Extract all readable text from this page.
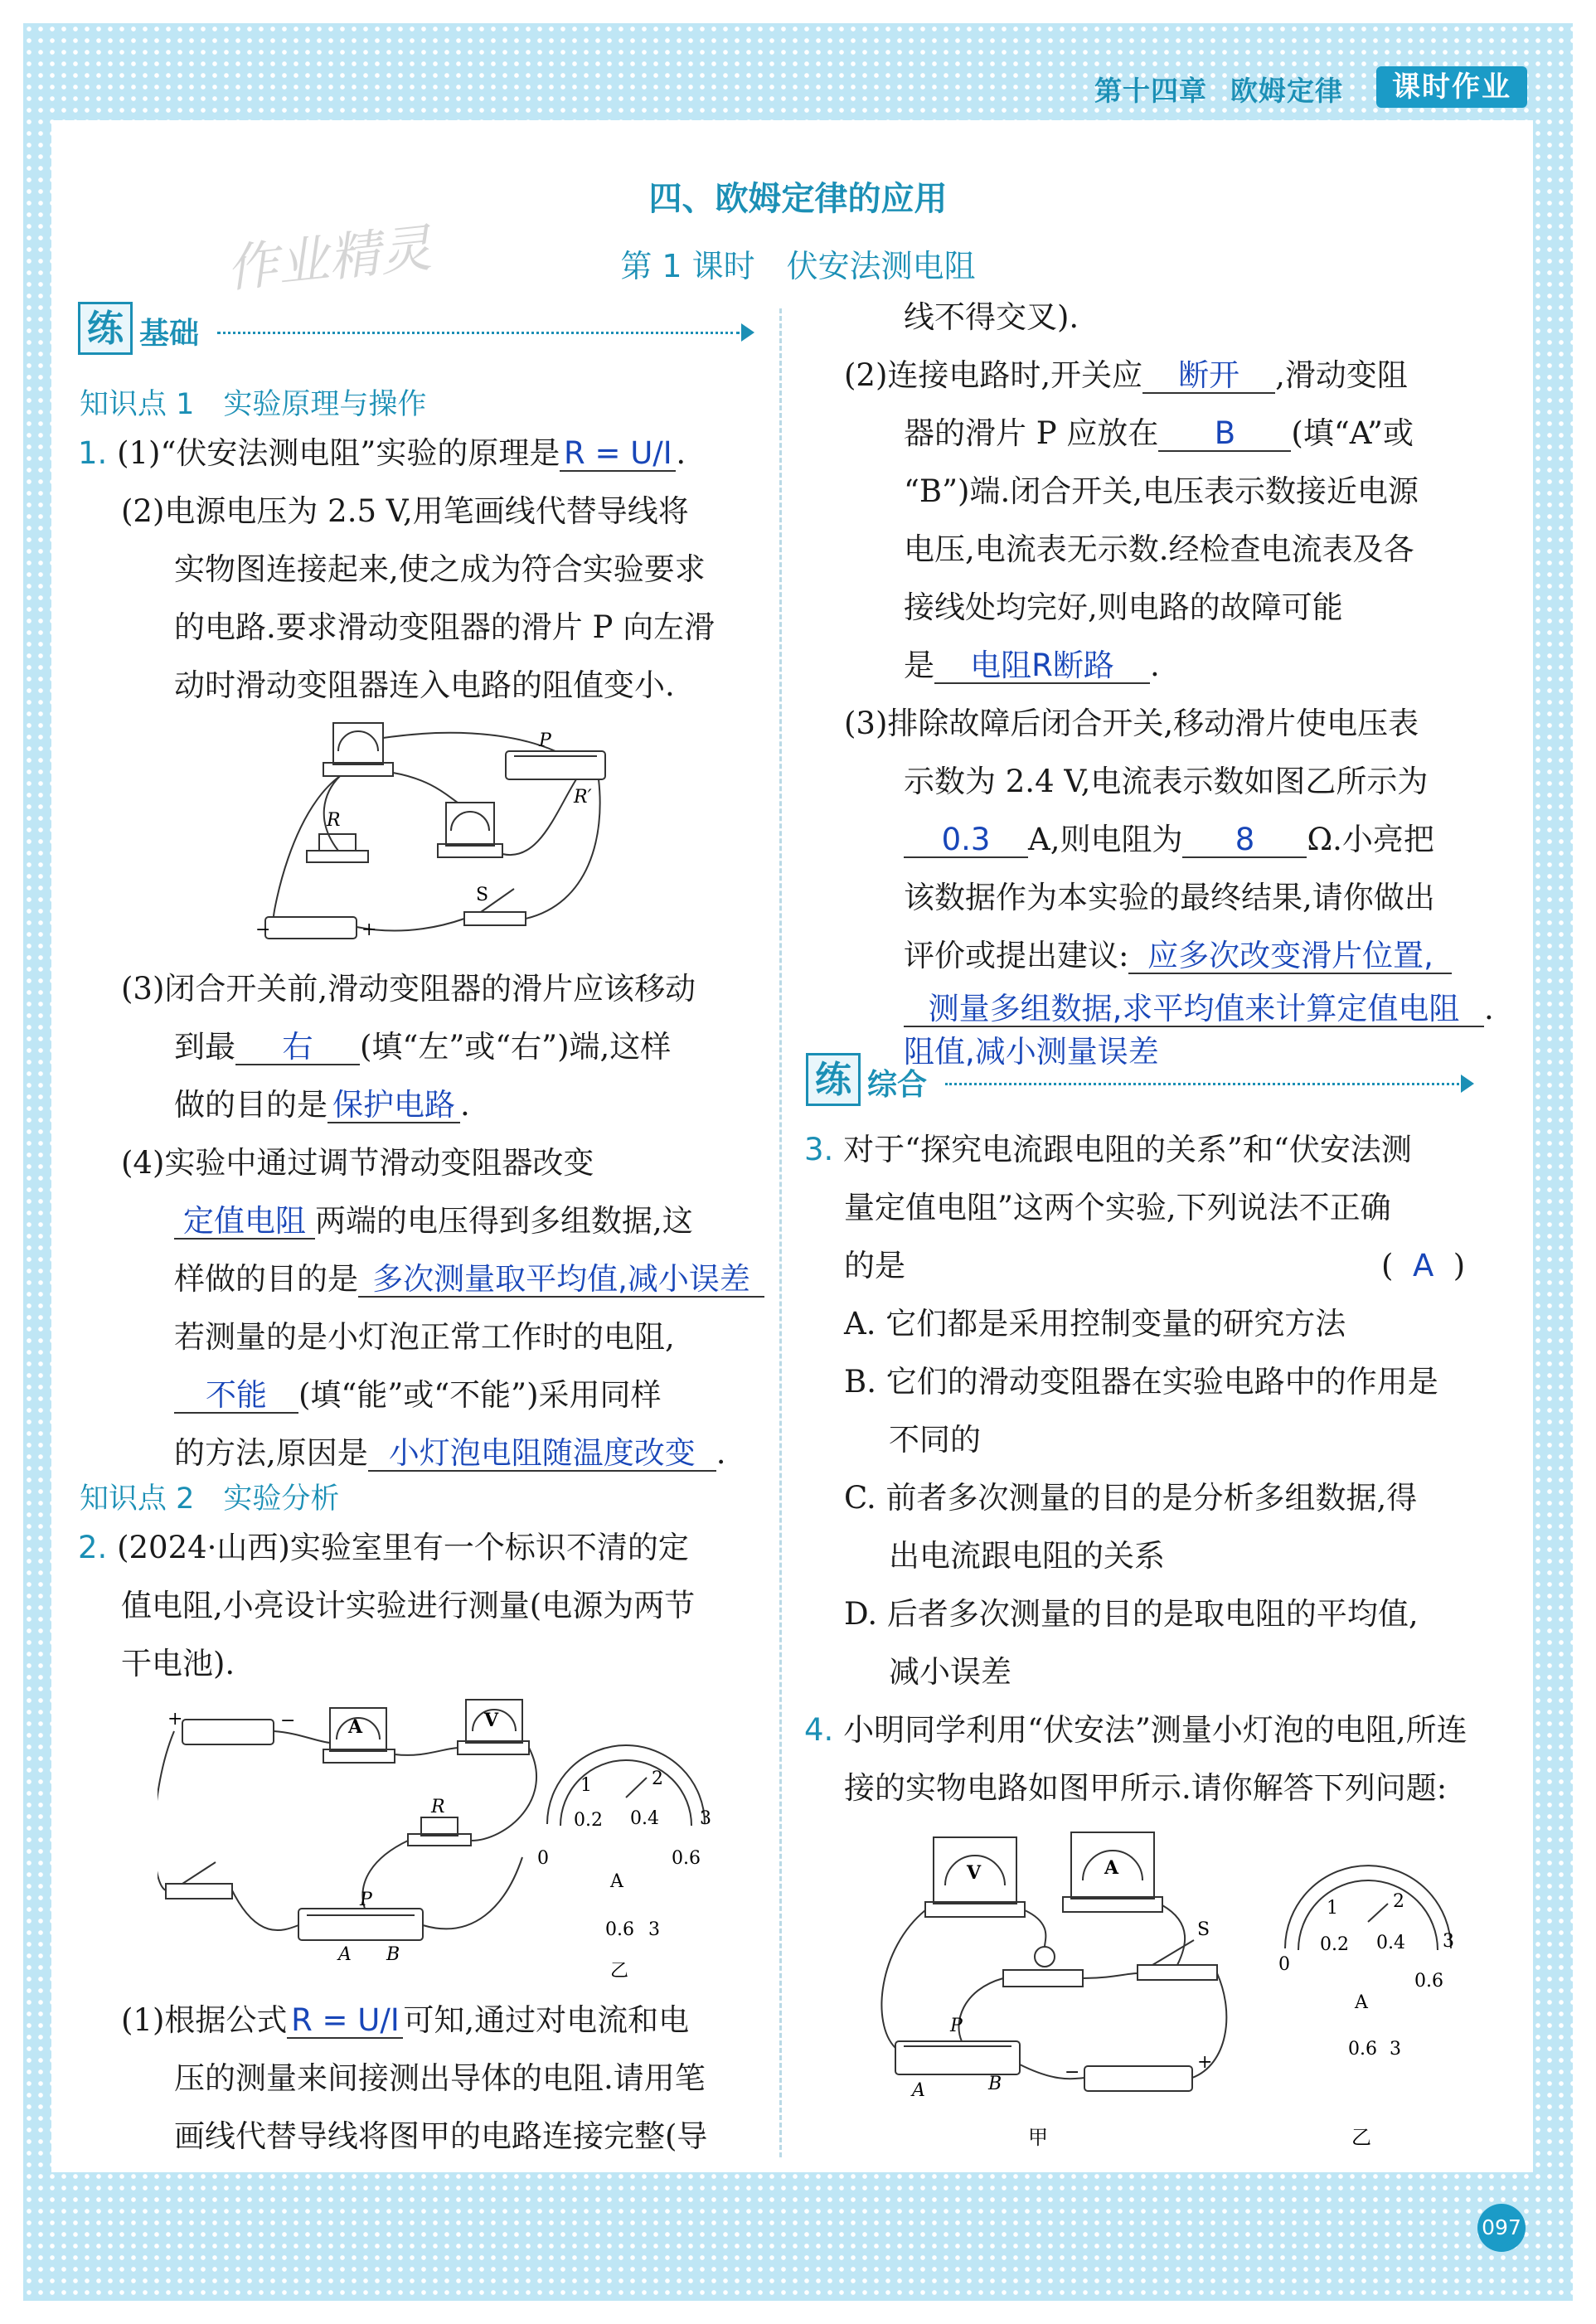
第十四章 欧姆定律	课时作业
作业精灵
四、欧姆定律的应用
第 1 课时　伏安法测电阻
练 基础
知识点 1　实验原理与操作
1. (1)“伏安法测电阻”实验的原理是 R = U/I .
(2)电源电压为 2.5 V,用笔画线代替导线将
实物图连接起来,使之成为符合实验要求
的电路.要求滑动变阻器的滑片 P 向左滑
动时滑动变阻器连入电路的阻值变小.
P
R′
R
S
−	+
(3)闭合开关前,滑动变阻器的滑片应该移动
到最 右 (填“左”或“右”)端,这样
做的目的是 保护电路 .
(4)实验中通过调节滑动变阻器改变
定值电阻 两端的电压得到多组数据,这
样做的目的是 多次测量取平均值,减小误差
若测量的是小灯泡正常工作时的电阻,
不能 (填“能”或“不能”)采用同样
的方法,原因是 小灯泡电阻随温度改变 .
知识点 2　实验分析
2. (2024·山西)实验室里有一个标识不清的定
值电阻,小亮设计实验进行测量(电源为两节
干电池).
+	−	A	V
R
P
A B
1	2
3
0
0.2 0.4
0.6
A
0.6 3
乙
(1)根据公式 R = U/I 可知,通过对电流和电
压的测量来间接测出导体的电阻.请用笔
画线代替导线将图甲的电路连接完整(导
线不得交叉).
(2)连接电路时,开关应 断开 ,滑动变阻
器的滑片 P 应放在 B (填“A”或
“B”)端.闭合开关,电压表示数接近电源
电压,电流表无示数.经检查电流表及各
接线处均完好,则电路的故障可能
是 电阻R断路 .
(3)排除故障后闭合开关,移动滑片使电压表
示数为 2.4 V,电流表示数如图乙所示为
0.3 A,则电阻为 8 Ω.小亮把
该数据作为本实验的最终结果,请你做出
评价或提出建议: 应多次改变滑片位置,
测量多组数据,求平均值来计算定值电阻 .
阻值,减小测量误差
练 综合
3. 对于“探究电流跟电阻的关系”和“伏安法测
量定值电阻”这两个实验,下列说法不正确
的是	(  A  )
A. 它们都是采用控制变量的研究方法
B. 它们的滑动变阻器在实验电路中的作用是
不同的
C. 前者多次测量的目的是分析多组数据,得
出电流跟电阻的关系
D. 后者多次测量的目的是取电阻的平均值,
减小误差
4. 小明同学利用“伏安法”测量小灯泡的电阻,所连
接的实物电路如图甲所示.请你解答下列问题:
V	A
S
P
A	B
−	+
1	2
3
0
0.2 0.4
0.6
A
0.6 3
甲	乙
097
